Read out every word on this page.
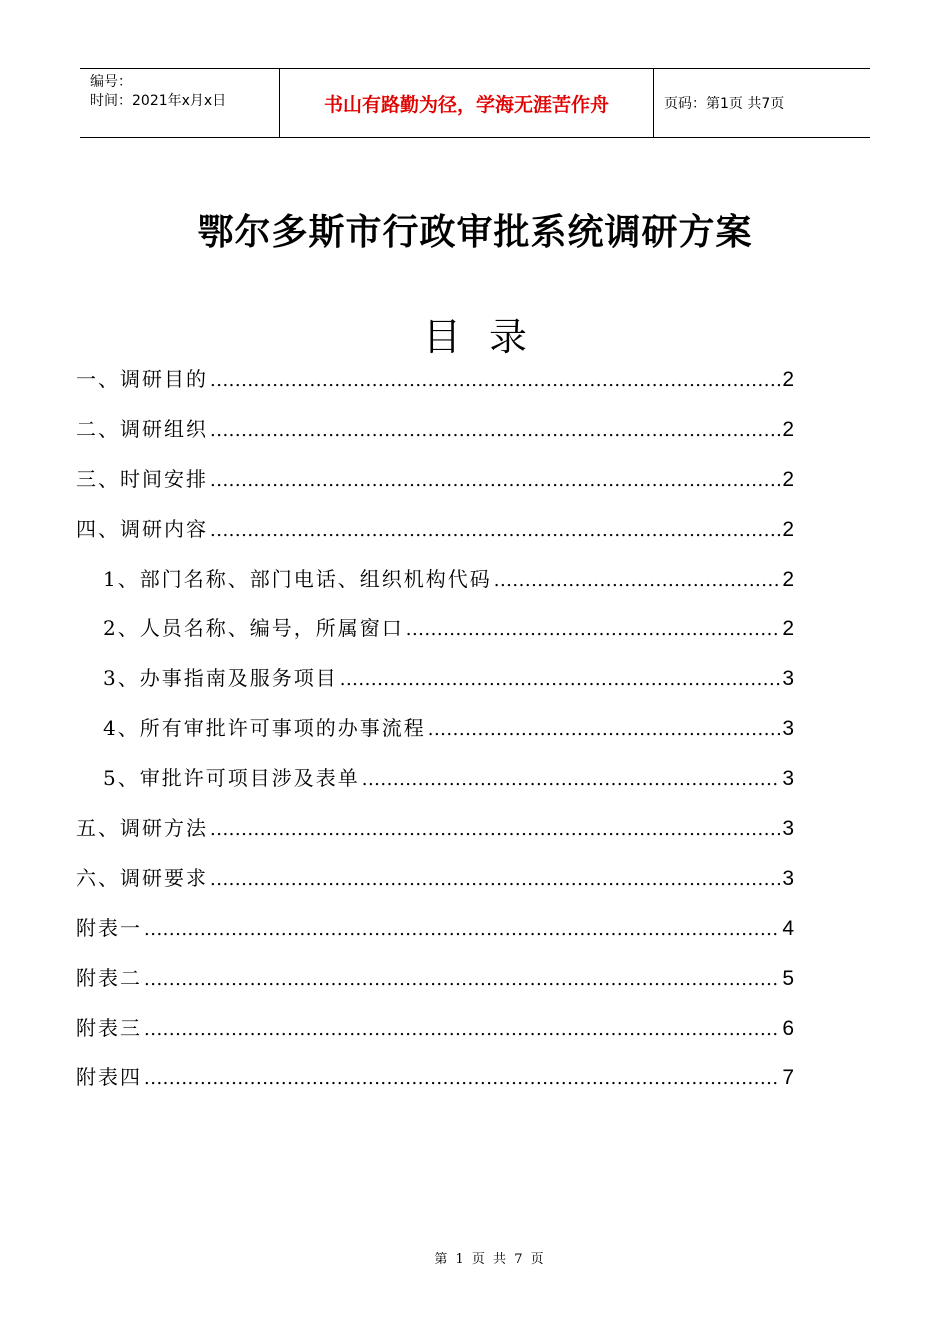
编号：
时间：2021年x月x日	书山有路勤为径，学海无涯苦作舟	页码：第1页 共7页
鄂尔多斯市行政审批系统调研方案
目录
一、调研目的 .....	2
二、调研组织 .....	2
三、时间安排 .....	2
四、调研内容 .....	2
1、部门名称、部门电话、组织机构代码 .....	2
2、人员名称、编号，所属窗口 .....	2
3、办事指南及服务项目 .....	3
4、所有审批许可事项的办事流程 .....	3
5、审批许可项目涉及表单 .....	3
五、调研方法 .....	3
六、调研要求 .....	3
附表一 .....	4
附表二 .....	5
附表三 .....	6
附表四 .....	7
第 1 页 共 7 页
